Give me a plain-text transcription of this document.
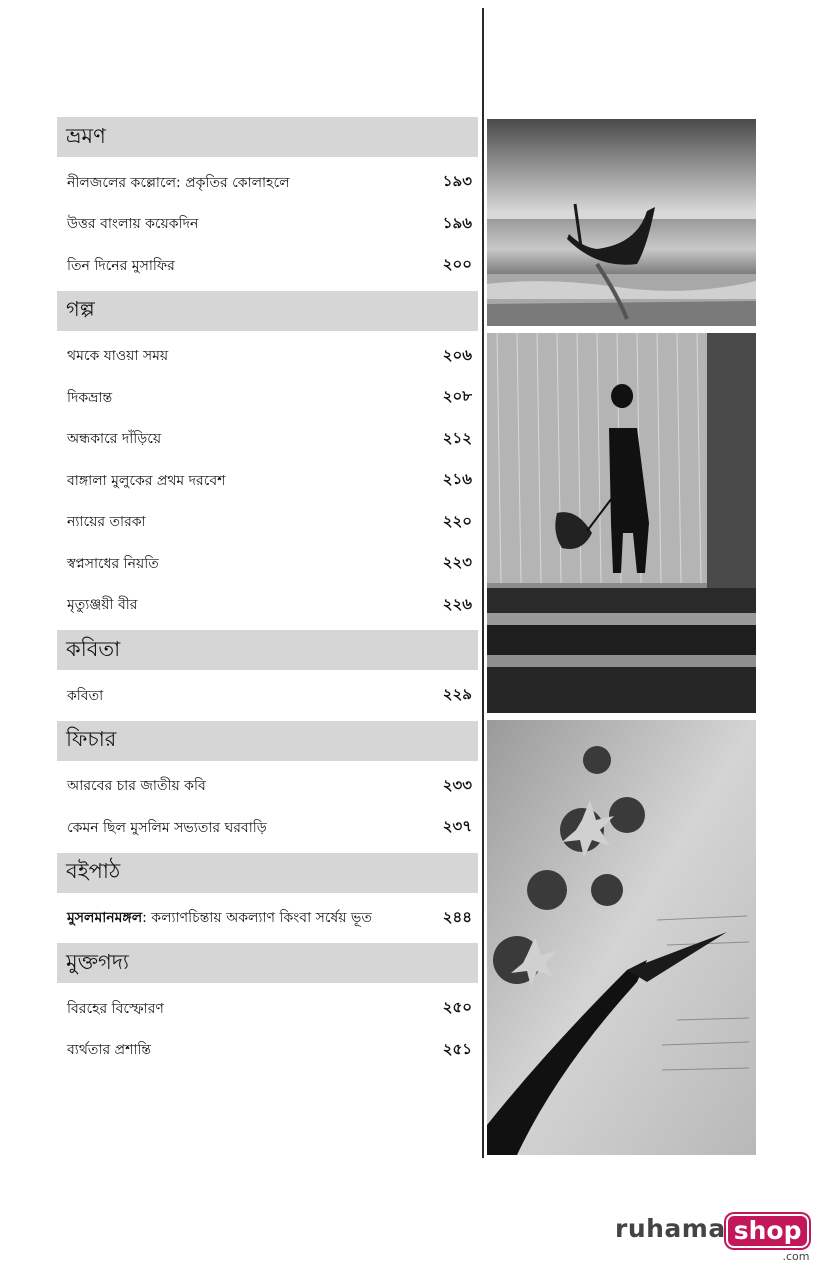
ভ্রমণ
নীলজলের কল্লোলে: প্রকৃতির কোলাহলে	১৯৩
উত্তর বাংলায় কয়েকদিন	১৯৬
তিন দিনের মুসাফির	২০০
গল্প
থমকে যাওয়া সময়	২০৬
দিকভ্রান্ত	২০৮
অন্ধকারে দাঁড়িয়ে	২১২
বাঙ্গালা মুলুকের প্রথম দরবেশ	২১৬
ন্যায়ের তারকা	২২০
স্বপ্নসাধের নিয়তি	২২৩
মৃত্যুঞ্জয়ী বীর	২২৬
কবিতা
কবিতা	২২৯
ফিচার
আরবের চার জাতীয় কবি	২৩৩
কেমন ছিল মুসলিম সভ্যতার ঘরবাড়ি	২৩৭
বইপাঠ
মুসলমানমঙ্গল: কল্যাণচিন্তায় অকল্যাণ কিংবা সর্ষেয় ভূত	২৪৪
মুক্তগদ্য
বিরহের বিস্ফোরণ	২৫০
ব্যর্থতার প্রশান্তি	২৫১
ruhama shop
.com
